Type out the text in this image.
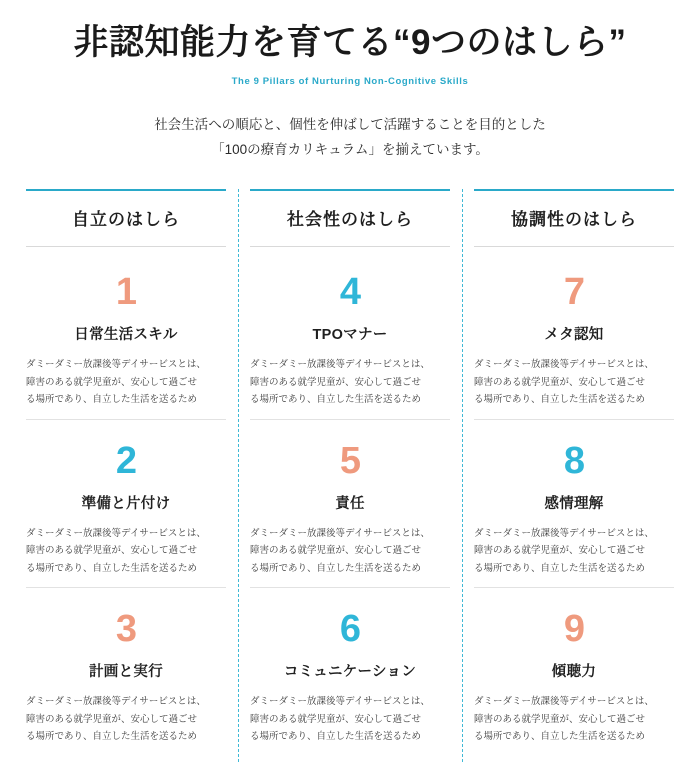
非認知能力を育てる“9つのはしら”
The 9 Pillars of Nurturing Non-Cognitive Skills

社会生活への順応と、個性を伸ばして活躍することを目的とした
「100の療育カリキュラム」を揃えています。

自立のはしら
1
日常生活スキル
ダミーダミー放課後等デイサービスとは、
障害のある就学児童が、安心して過ごせ
る場所であり、自立した生活を送るため
2
準備と片付け
ダミーダミー放課後等デイサービスとは、
障害のある就学児童が、安心して過ごせ
る場所であり、自立した生活を送るため
3
計画と実行
ダミーダミー放課後等デイサービスとは、
障害のある就学児童が、安心して過ごせ
る場所であり、自立した生活を送るため
社会性のはしら
4
TPOマナー
ダミーダミー放課後等デイサービスとは、
障害のある就学児童が、安心して過ごせ
る場所であり、自立した生活を送るため
5
責任
ダミーダミー放課後等デイサービスとは、
障害のある就学児童が、安心して過ごせ
る場所であり、自立した生活を送るため
6
コミュニケーション
ダミーダミー放課後等デイサービスとは、
障害のある就学児童が、安心して過ごせ
る場所であり、自立した生活を送るため
協調性のはしら
7
メタ認知
ダミーダミー放課後等デイサービスとは、
障害のある就学児童が、安心して過ごせ
る場所であり、自立した生活を送るため
8
感情理解
ダミーダミー放課後等デイサービスとは、
障害のある就学児童が、安心して過ごせ
る場所であり、自立した生活を送るため
9
傾聴力
ダミーダミー放課後等デイサービスとは、
障害のある就学児童が、安心して過ごせ
る場所であり、自立した生活を送るため
